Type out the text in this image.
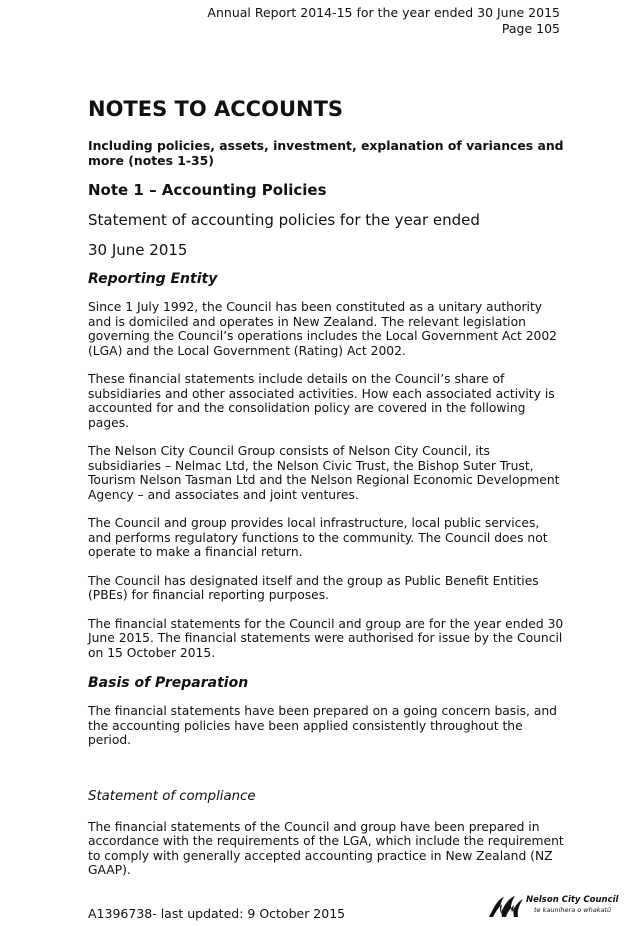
Annual Report 2014-15 for the year ended 30 June 2015
Page 105
NOTES TO ACCOUNTS
Including policies, assets, investment, explanation of variances and more (notes 1-35)
Note 1 – Accounting Policies
Statement of accounting policies for the year ended
30 June 2015
Reporting Entity

Since 1 July 1992, the Council has been constituted as a unitary authority and is domiciled and operates in New Zealand. The relevant legislation governing the Council’s operations includes the Local Government Act 2002 (LGA) and the Local Government (Rating) Act 2002.

These financial statements include details on the Council’s share of subsidiaries and other associated activities. How each associated activity is accounted for and the consolidation policy are covered in the following pages.

The Nelson City Council Group consists of Nelson City Council, its subsidiaries – Nelmac Ltd, the Nelson Civic Trust, the Bishop Suter Trust, Tourism Nelson Tasman Ltd and the Nelson Regional Economic Development Agency – and associates and joint ventures.

The Council and group provides local infrastructure, local public services, and performs regulatory functions to the community. The Council does not operate to make a financial return.

The Council has designated itself and the group as Public Benefit Entities (PBEs) for financial reporting purposes.

The financial statements for the Council and group are for the year ended 30 June 2015. The financial statements were authorised for issue by the Council on 15 October 2015.

Basis of Preparation

The financial statements have been prepared on a going concern basis, and the accounting policies have been applied consistently throughout the period.

Statement of compliance

The financial statements of the Council and group have been prepared in accordance with the requirements of the LGA, which include the requirement to comply with generally accepted accounting practice in New Zealand (NZ GAAP).

A1396738- last updated: 9 October 2015
Nelson City Council
te kaunihera o whakatū
